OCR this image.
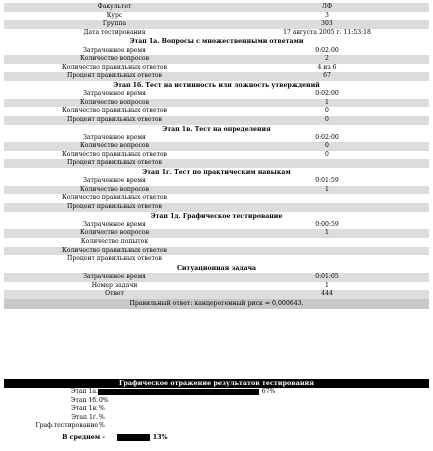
Факультет	ЛФ
Курс	3
Группа	303
Дата тестирования	17 августа 2005 г. 11:53:18
Этап 1а. Вопросы с множественными ответами
Затраченное время	0:02:00
Количество вопросов	2
Количество правильных ответов	4 из 6
Процент правильных ответов	67
Этап 1б. Тест на истинность или ложность утверждений
Затраченное время	0:02:00
Количество вопросов	1
Количество правильных ответов	0
Процент правильных ответов	0
Этап 1в. Тест на определения
Затраченное время	0:02:00
Количество вопросов	0
Количество правильных ответов	0
Процент правильных ответов
Этап 1г. Тест по практическим навыкам
Затраченное время	0:01:59
Количество вопросов	1
Количество правильных ответов
Процент правильных ответов
Этап 1д. Графическое тестирование
Затраченное время	0:00:59
Количество вопросов	1
Количество попыток
Количество правильных ответов
Процент правильных ответов
Ситуационная задача
Затраченное время	0:01:05
Номер задачи	1
Ответ	444
Правильный ответ: канцерогенный риск = 0,000643.
Графическое отражение результатов тестирования
Этап 1а.	67%
Этап 1б. 0%
Этап 1в. %
Этап 1г. %
Граф.тестирование %
В среднем -	13%
